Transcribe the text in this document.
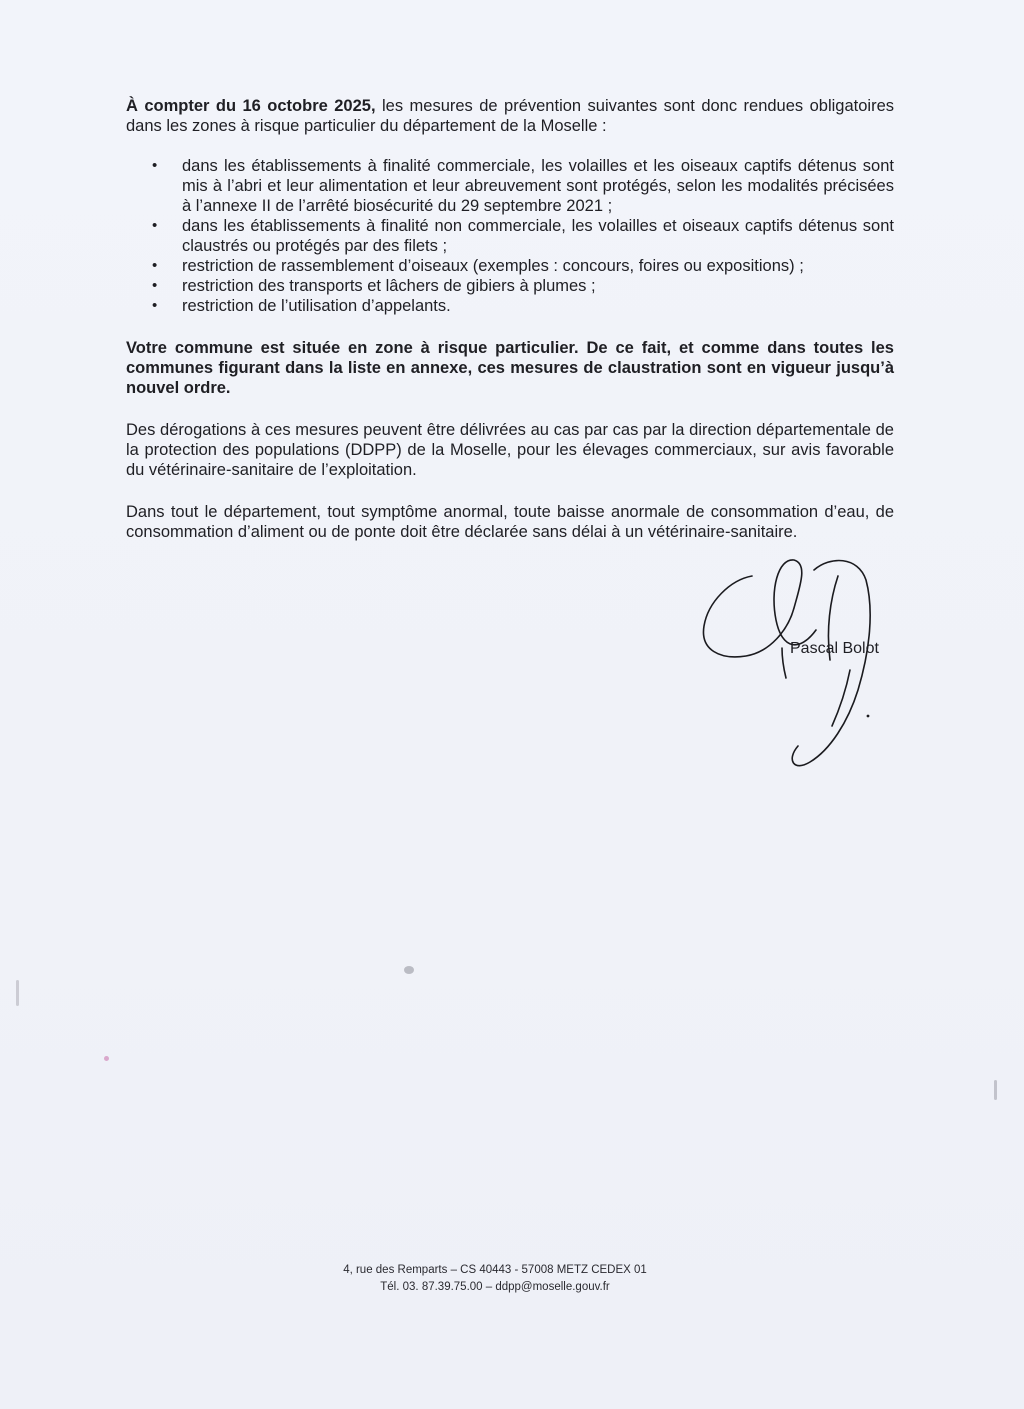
À compter du 16 octobre 2025, les mesures de prévention suivantes sont donc rendues obligatoires dans les zones à risque particulier du département de la Moselle :

• dans les établissements à finalité commerciale, les volailles et les oiseaux captifs détenus sont mis à l’abri et leur alimentation et leur abreuvement sont protégés, selon les modalités précisées à l’annexe II de l’arrêté biosécurité du 29 septembre 2021 ;
• dans les établissements à finalité non commerciale, les volailles et oiseaux captifs détenus sont claustrés ou protégés par des filets ;
• restriction de rassemblement d’oiseaux (exemples : concours, foires ou expositions) ;
• restriction des transports et lâchers de gibiers à plumes ;
• restriction de l’utilisation d’appelants.

Votre commune est située en zone à risque particulier. De ce fait, et comme dans toutes les communes figurant dans la liste en annexe, ces mesures de claustration sont en vigueur jusqu’à nouvel ordre.

Des dérogations à ces mesures peuvent être délivrées au cas par cas par la direction départementale de la protection des populations (DDPP) de la Moselle, pour les élevages commerciaux, sur avis favorable du vétérinaire-sanitaire de l’exploitation.

Dans tout le département, tout symptôme anormal, toute baisse anormale de consommation d’eau, de consommation d’aliment ou de ponte doit être déclarée sans délai à un vétérinaire-sanitaire.

Pascal Bolot
4, rue des Remparts – CS 40443 - 57008 METZ CEDEX 01
Tél. 03. 87.39.75.00 – ddpp@moselle.gouv.fr
